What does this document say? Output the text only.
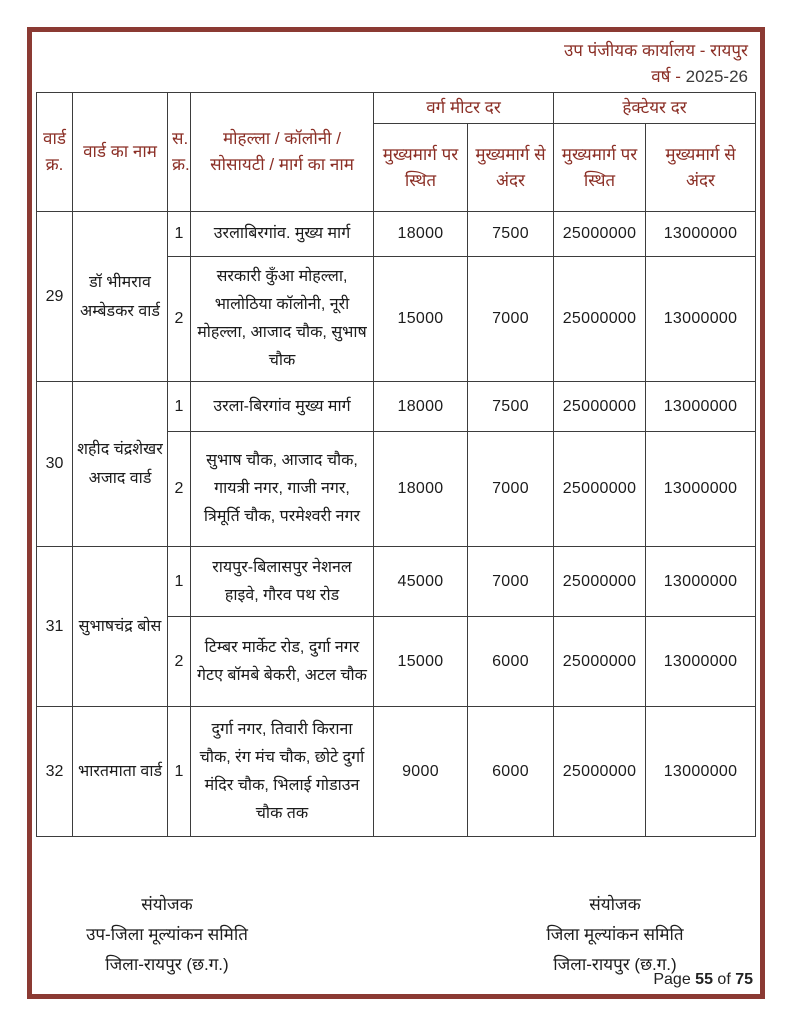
उप पंजीयक कार्यालय - रायपुर
वर्ष - 2025-26
वार्ड क्र.	वार्ड का नाम	स.क्र.	मोहल्ला / कॉलोनी / सोसायटी / मार्ग का नाम	वर्ग मीटर दर		हेक्टेयर दर	
				मुख्यमार्ग पर स्थित	मुख्यमार्ग से अंदर	मुख्यमार्ग पर स्थित	मुख्यमार्ग से अंदर
29	डॉ भीमराव अम्बेडकर वार्ड	1	उरलाबिरगांव. मुख्य मार्ग	18000	7500	25000000	13000000
		2	सरकारी कुँआ मोहल्ला, भालोठिया कॉलोनी, नूरी मोहल्ला, आजाद चौक, सुभाष चौक	15000	7000	25000000	13000000
30	शहीद चंद्रशेखर अजाद वार्ड	1	उरला-बिरगांव मुख्य मार्ग	18000	7500	25000000	13000000
		2	सुभाष चौक, आजाद चौक, गायत्री नगर, गाजी नगर, त्रिमूर्ति चौक, परमेश्वरी नगर	18000	7000	25000000	13000000
31	सुभाषचंद्र बोस	1	रायपुर-बिलासपुर नेशनल हाइवे, गौरव पथ रोड	45000	7000	25000000	13000000
		2	टिम्बर मार्केट रोड, दुर्गा नगर गेटए बॉमबे बेकरी, अटल चौक	15000	6000	25000000	13000000
32	भारतमाता वार्ड	1	दुर्गा नगर, तिवारी किराना चौक, रंग मंच चौक, छोटे दुर्गा मंदिर चौक, भिलाई गोडाउन चौक तक	9000	6000	25000000	13000000
संयोजक
उप-जिला मूल्यांकन समिति
जिला-रायपुर (छ.ग.)
संयोजक
जिला मूल्यांकन समिति
जिला-रायपुर (छ.ग.)
Page 55 of 75
